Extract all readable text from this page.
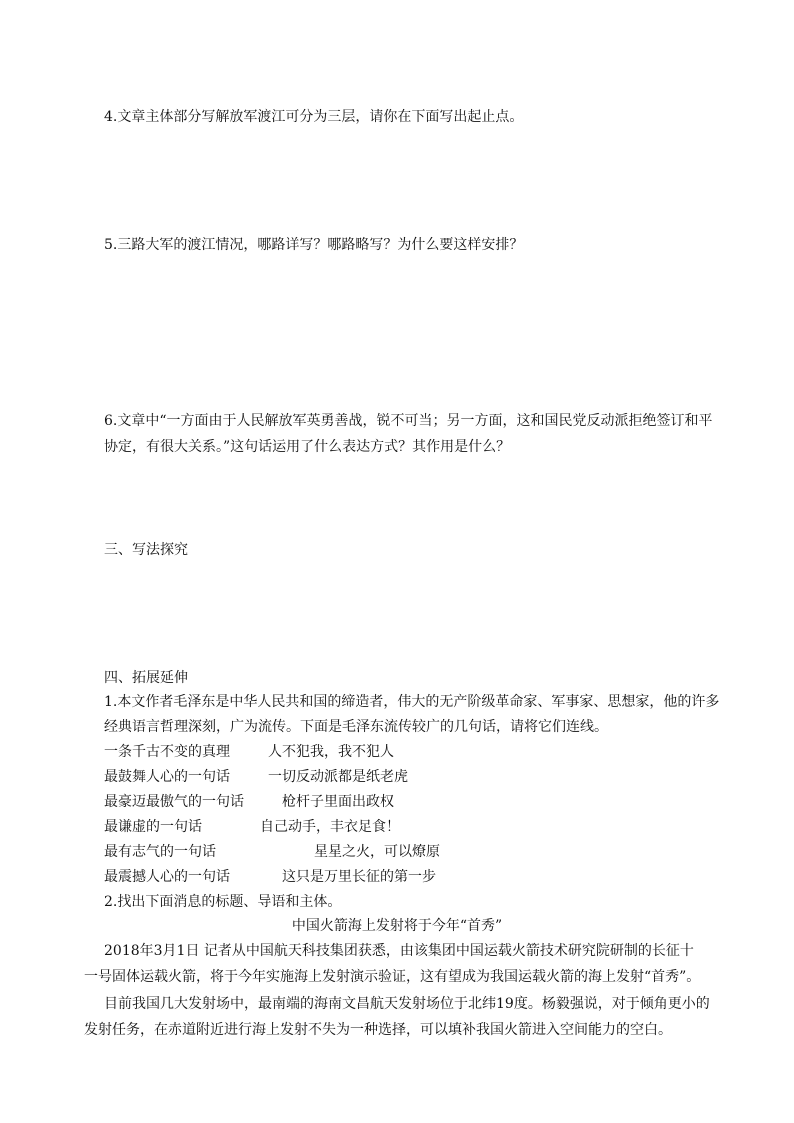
4.文章主体部分写解放军渡江可分为三层，请你在下面写出起止点。
5.三路大军的渡江情况，哪路详写？哪路略写？为什么要这样安排？
6.文章中“一方面由于人民解放军英勇善战，锐不可当；另一方面，这和国民党反动派拒绝签订和平
协定，有很大关系。”这句话运用了什么表达方式？其作用是什么？
三、写法探究
四、拓展延伸
1.本文作者毛泽东是中华人民共和国的缔造者，伟大的无产阶级革命家、军事家、思想家，他的许多
经典语言哲理深刻，广为流传。下面是毛泽东流传较广的几句话，请将它们连线。
一条千古不变的真理	人不犯我，我不犯人
最鼓舞人心的一句话	一切反动派都是纸老虎
最豪迈最傲气的一句话	枪杆子里面出政权
最谦虚的一句话	自己动手，丰衣足食！
最有志气的一句话	星星之火，可以燎原
最震撼人心的一句话	这只是万里长征的第一步
2.找出下面消息的标题、导语和主体。
中国火箭海上发射将于今年“首秀”
2018年3月1日 记者从中国航天科技集团获悉，由该集团中国运载火箭技术研究院研制的长征十
一号固体运载火箭，将于今年实施海上发射演示验证，这有望成为我国运载火箭的海上发射“首秀”。
目前我国几大发射场中，最南端的海南文昌航天发射场位于北纬19度。杨毅强说，对于倾角更小的
发射任务，在赤道附近进行海上发射不失为一种选择，可以填补我国火箭进入空间能力的空白。
